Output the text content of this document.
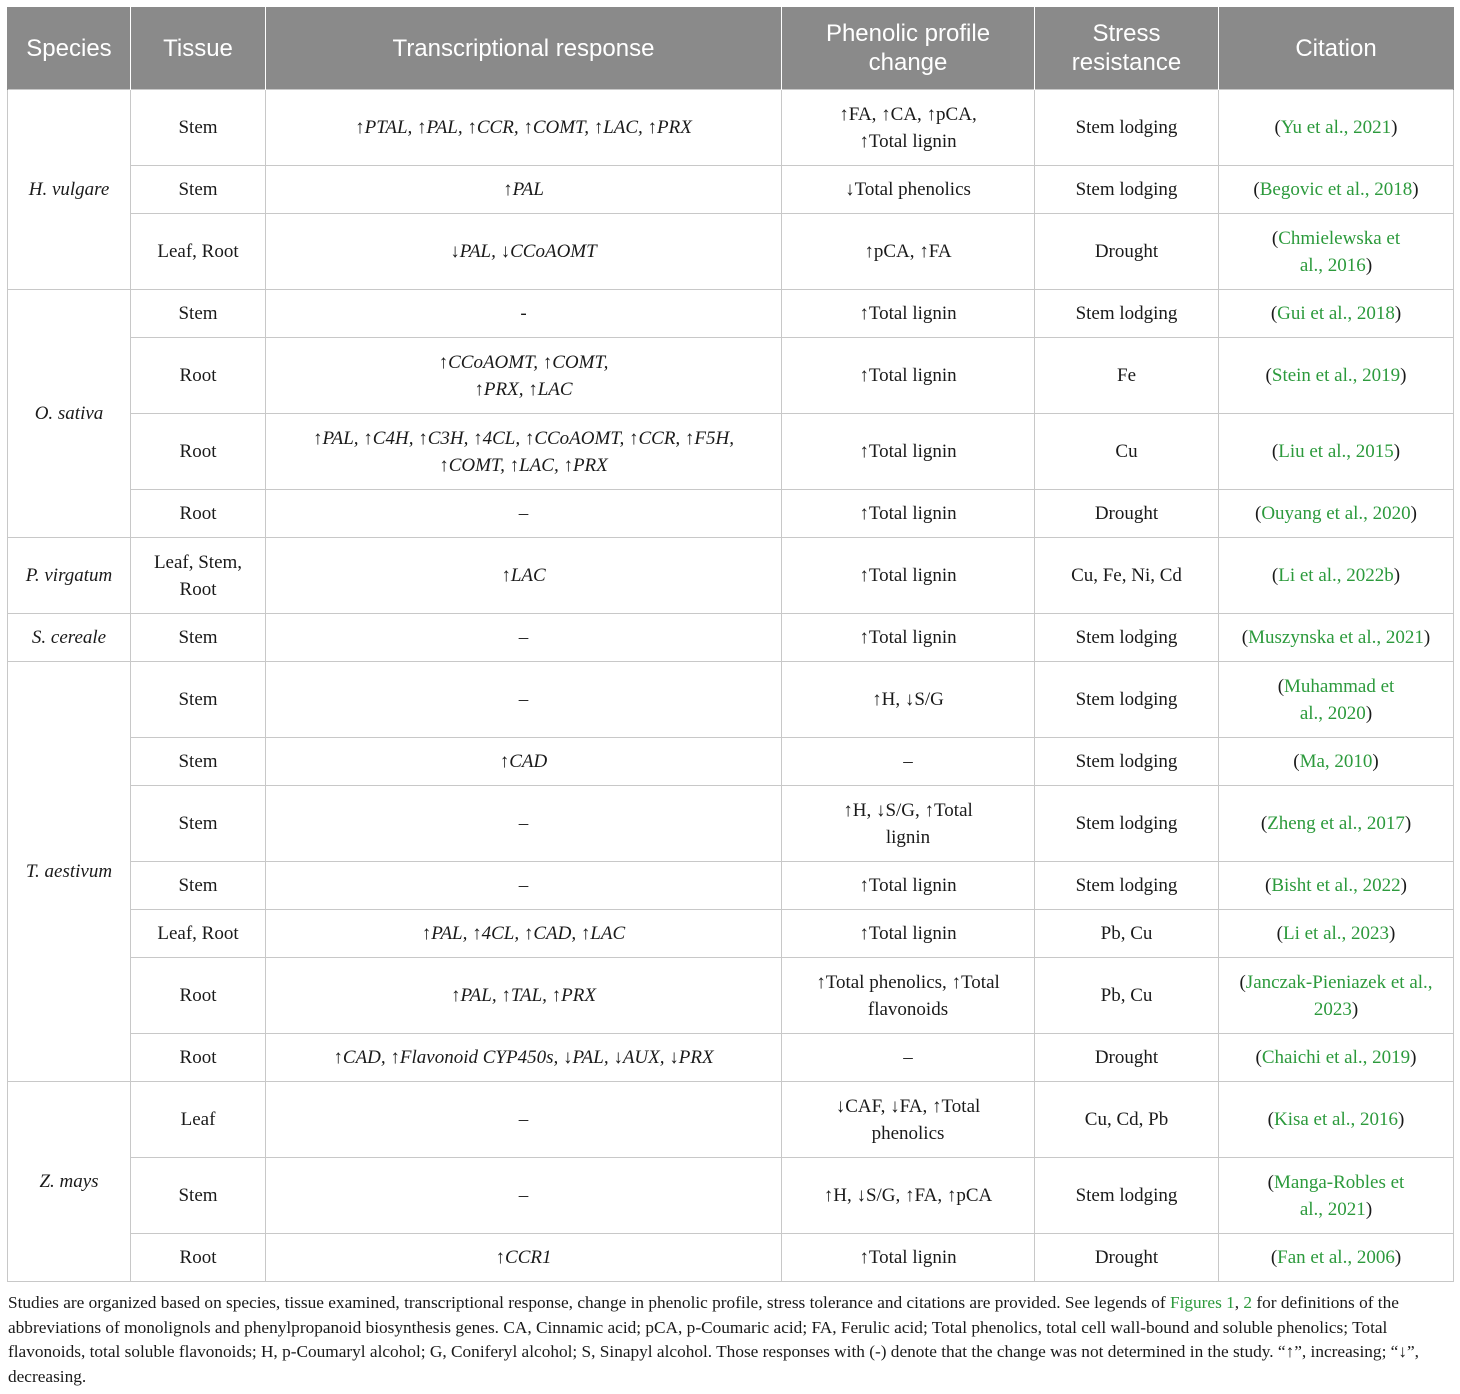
Species	Tissue	Transcriptional response	Phenolic profile change	Stress resistance	Citation
H. vulgare	Stem	↑PTAL, ↑PAL, ↑CCR, ↑COMT, ↑LAC, ↑PRX	↑FA, ↑CA, ↑pCA, ↑Total lignin	Stem lodging	(Yu et al., 2021)
	Stem	↑PAL	↓Total phenolics	Stem lodging	(Begovic et al., 2018)
	Leaf, Root	↓PAL, ↓CCoAOMT	↑pCA, ↑FA	Drought	(Chmielewska et al., 2016)
O. sativa	Stem	-	↑Total lignin	Stem lodging	(Gui et al., 2018)
	Root	↑CCoAOMT, ↑COMT, ↑PRX, ↑LAC	↑Total lignin	Fe	(Stein et al., 2019)
	Root	↑PAL, ↑C4H, ↑C3H, ↑4CL, ↑CCoAOMT, ↑CCR, ↑F5H, ↑COMT, ↑LAC, ↑PRX	↑Total lignin	Cu	(Liu et al., 2015)
	Root	–	↑Total lignin	Drought	(Ouyang et al., 2020)
P. virgatum	Leaf, Stem, Root	↑LAC	↑Total lignin	Cu, Fe, Ni, Cd	(Li et al., 2022b)
S. cereale	Stem	–	↑Total lignin	Stem lodging	(Muszynska et al., 2021)
T. aestivum	Stem	–	↑H, ↓S/G	Stem lodging	(Muhammad et al., 2020)
	Stem	↑CAD	–	Stem lodging	(Ma, 2010)
	Stem	–	↑H, ↓S/G, ↑Total lignin	Stem lodging	(Zheng et al., 2017)
	Stem	–	↑Total lignin	Stem lodging	(Bisht et al., 2022)
	Leaf, Root	↑PAL, ↑4CL, ↑CAD, ↑LAC	↑Total lignin	Pb, Cu	(Li et al., 2023)
	Root	↑PAL, ↑TAL, ↑PRX	↑Total phenolics, ↑Total flavonoids	Pb, Cu	(Janczak-Pieniazek et al., 2023)
	Root	↑CAD, ↑Flavonoid CYP450s, ↓PAL, ↓AUX, ↓PRX	–	Drought	(Chaichi et al., 2019)
Z. mays	Leaf	–	↓CAF, ↓FA, ↑Total phenolics	Cu, Cd, Pb	(Kisa et al., 2016)
	Stem	–	↑H, ↓S/G, ↑FA, ↑pCA	Stem lodging	(Manga-Robles et al., 2021)
	Root	↑CCR1	↑Total lignin	Drought	(Fan et al., 2006)
Studies are organized based on species, tissue examined, transcriptional response, change in phenolic profile, stress tolerance and citations are provided. See legends of Figures 1, 2 for definitions of the abbreviations of monolignols and phenylpropanoid biosynthesis genes. CA, Cinnamic acid; pCA, p-Coumaric acid; FA, Ferulic acid; Total phenolics, total cell wall-bound and soluble phenolics; Total flavonoids, total soluble flavonoids; H, p-Coumaryl alcohol; G, Coniferyl alcohol; S, Sinapyl alcohol. Those responses with (-) denote that the change was not determined in the study. “↑”, increasing; “↓”, decreasing.
